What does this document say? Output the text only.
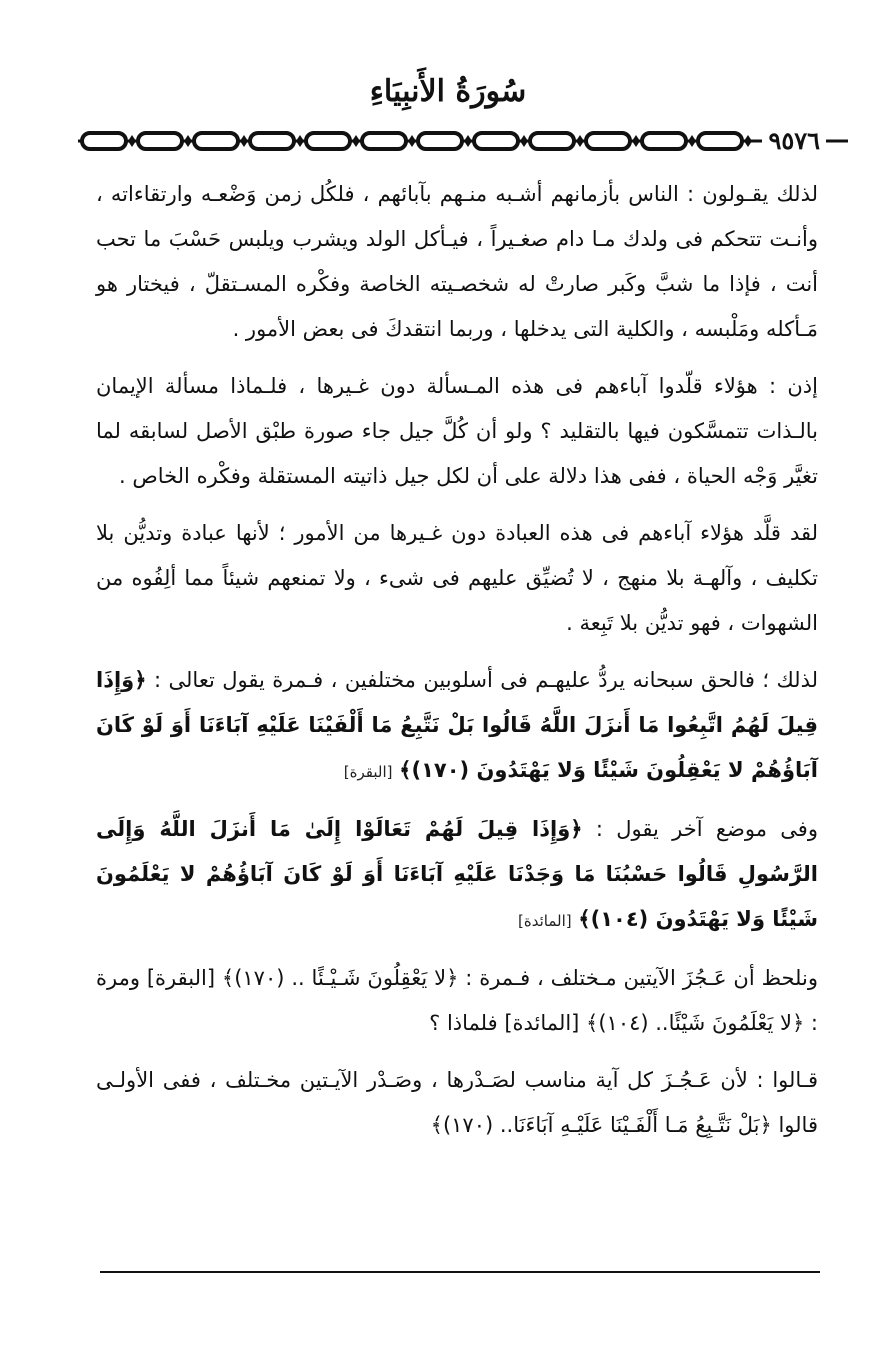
سُورَةُ الأَنبِيَاءِ
٩٥٧٦

لذلك يقـولون : الناس بأزمانهم أشـبه منـهم بآبائهم ، فلكُل زمن وَضْعـه وارتقاءاته ، وأنـت تتحكم فى ولدك مـا دام صغـيراً ، فيـأكل الولد ويشرب ويلبس حَسْبَ ما تحب أنت ، فإذا ما شبَّ وكَبر صارتْ له شخصـيته الخاصة وفكْره المسـتقلّ ، فيختار هو مَـأكله ومَلْبسه ، والكلية التى يدخلها ، وربما انتقدكَ فى بعض الأمور .

إذن : هؤلاء قلّدوا آباءهم فى هذه المـسألة دون غـيرها ، فلـماذا مسألة الإيمان بالـذات تتمسَّكون فيها بالتقليد ؟ ولو أن كُلَّ جيل جاء صورة طبْق الأصل لسابقه لما تغيَّر وَجْه الحياة ، ففى هذا دلالة على أن لكل جيل ذاتيته المستقلة وفكْره الخاص .

لقد قلَّد هؤلاء آباءهم فى هذه العبادة دون غـيرها من الأمور ؛ لأنها عبادة وتديُّن بلا تكليف ، وآلهـة بلا منهج ، لا تُضيِّق عليهم فى شىء ، ولا تمنعهم شيئاً مما ألِفُوه من الشهوات ، فهو تديُّن بلا تَبِعة .

لذلك ؛ فالحق سبحانه يردُّ عليهـم فى أسلوبين مختلفين ، فـمرة يقول تعالى : ﴿وَإِذَا قِيلَ لَهُمُ اتَّبِعُوا مَا أَنزَلَ اللَّهُ قَالُوا بَلْ نَتَّبِعُ مَا أَلْفَيْنَا عَلَيْهِ آبَاءَنَا أَوَ لَوْ كَانَ آبَاؤُهُمْ لا يَعْقِلُونَ شَيْئًا وَلا يَهْتَدُونَ (١٧٠)﴾ [البقرة]

وفى موضع آخر يقول : ﴿وَإِذَا قِيلَ لَهُمْ تَعَالَوْا إِلَىٰ مَا أَنزَلَ اللَّهُ وَإِلَى الرَّسُولِ قَالُوا حَسْبُنَا مَا وَجَدْنَا عَلَيْهِ آبَاءَنَا أَوَ لَوْ كَانَ آبَاؤُهُمْ لا يَعْلَمُونَ شَيْئًا وَلا يَهْتَدُونَ (١٠٤)﴾ [المائدة]

ونلحظ أن عَـجُزَ الآيتين مـختلف ، فـمرة : ﴿لا يَعْقِلُونَ شَـيْـئًا .. (١٧٠)﴾ [البقرة] ومرة : ﴿لا يَعْلَمُونَ شَيْئًا.. (١٠٤)﴾ [المائدة] فلماذا ؟

قـالوا : لأن عَـجُـزَ كل آية مناسب لصَـدْرها ، وصَـدْر الآيـتين مخـتلف ، ففى الأولـى قالوا ﴿بَلْ نَتَّـبِعُ مَـا أَلْفَـيْنَا عَلَيْـهِ آبَاءَنَا.. (١٧٠)﴾
